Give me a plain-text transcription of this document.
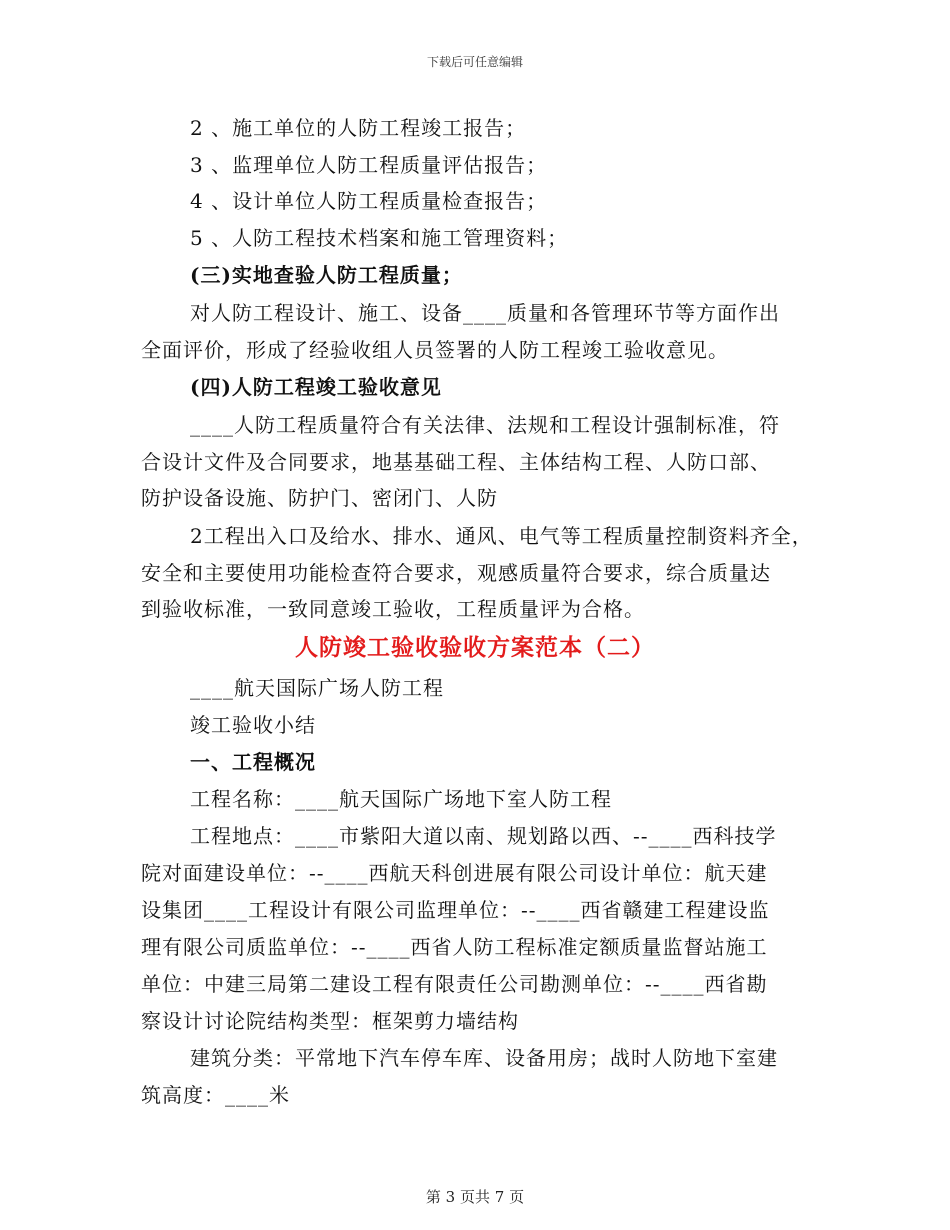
下载后可任意编辑
2 、施工单位的人防工程竣工报告；
3 、监理单位人防工程质量评估报告；
4 、设计单位人防工程质量检查报告；
5 、人防工程技术档案和施工管理资料；
(三)实地查验人防工程质量；
对人防工程设计、施工、设备____质量和各管理环节等方面作出
全面评价，形成了经验收组人员签署的人防工程竣工验收意见。
(四)人防工程竣工验收意见
____人防工程质量符合有关法律、法规和工程设计强制标准，符
合设计文件及合同要求，地基基础工程、主体结构工程、人防口部、
防护设备设施、防护门、密闭门、人防
2工程出入口及给水、排水、通风、电气等工程质量控制资料齐全，
安全和主要使用功能检查符合要求，观感质量符合要求，综合质量达
到验收标准，一致同意竣工验收，工程质量评为合格。
人防竣工验收验收方案范本（二）
____航天国际广场人防工程
竣工验收小结
一、工程概况
工程名称：____航天国际广场地下室人防工程
工程地点：____市紫阳大道以南、规划路以西、--____西科技学
院对面建设单位：--____西航天科创进展有限公司设计单位：航天建
设集团____工程设计有限公司监理单位：--____西省赣建工程建设监
理有限公司质监单位：--____西省人防工程标准定额质量监督站施工
单位：中建三局第二建设工程有限责任公司勘测单位：--____西省勘
察设计讨论院结构类型：框架剪力墙结构
建筑分类：平常地下汽车停车库、设备用房；战时人防地下室建
筑高度：____米
第 3 页共 7 页
